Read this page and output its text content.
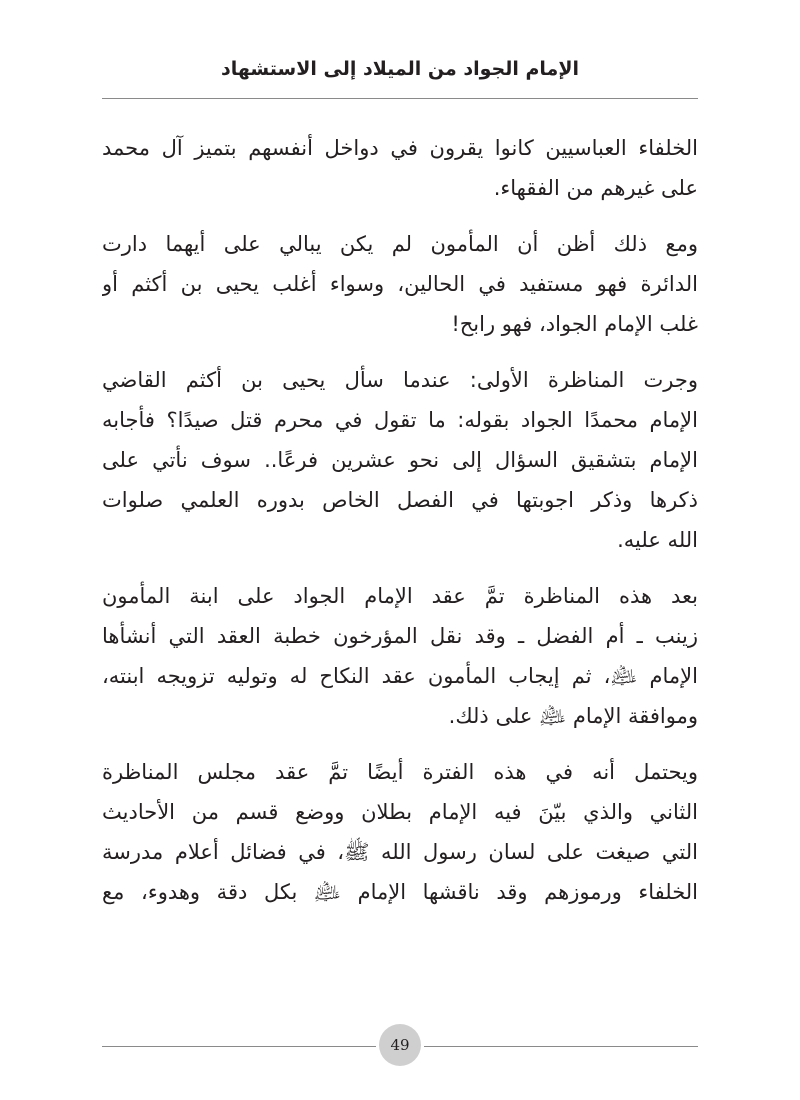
الإمام الجواد من الميلاد إلى الاستشهاد
الخلفاء العباسيين كانوا يقرون في دواخل أنفسهم بتميز آل محمد
على غيرهم من الفقهاء.
ومع ذلك أظن أن المأمون لم يكن يبالي على أيهما دارت
الدائرة فهو مستفيد في الحالين، وسواء أغلب يحيى بن أكثم أو
غلب الإمام الجواد، فهو رابح!
وجرت المناظرة الأولى: عندما سأل يحيى بن أكثم القاضي
الإمام محمدًا الجواد بقوله: ما تقول في محرم قتل صيدًا؟ فأجابه
الإمام بتشقيق السؤال إلى نحو عشرين فرعًا.. سوف نأتي على
ذكرها وذكر اجوبتها في الفصل الخاص بدوره العلمي صلوات
الله عليه.
بعد هذه المناظرة تمَّ عقد الإمام الجواد على ابنة المأمون
زينب ـ أم الفضل ـ وقد نقل المؤرخون خطبة العقد التي أنشأها
الإمام ﵇، ثم إيجاب المأمون عقد النكاح له وتوليه تزويجه ابنته،
وموافقة الإمام ﵇ على ذلك.
ويحتمل أنه في هذه الفترة أيضًا تمَّ عقد مجلس المناظرة
الثاني والذي بيّنَ فيه الإمام بطلان ووضع قسم من الأحاديث
التي صيغت على لسان رسول الله ﷺ، في فضائل أعلام مدرسة
الخلفاء ورموزهم وقد ناقشها الإمام ﵇ بكل دقة وهدوء، مع
49
